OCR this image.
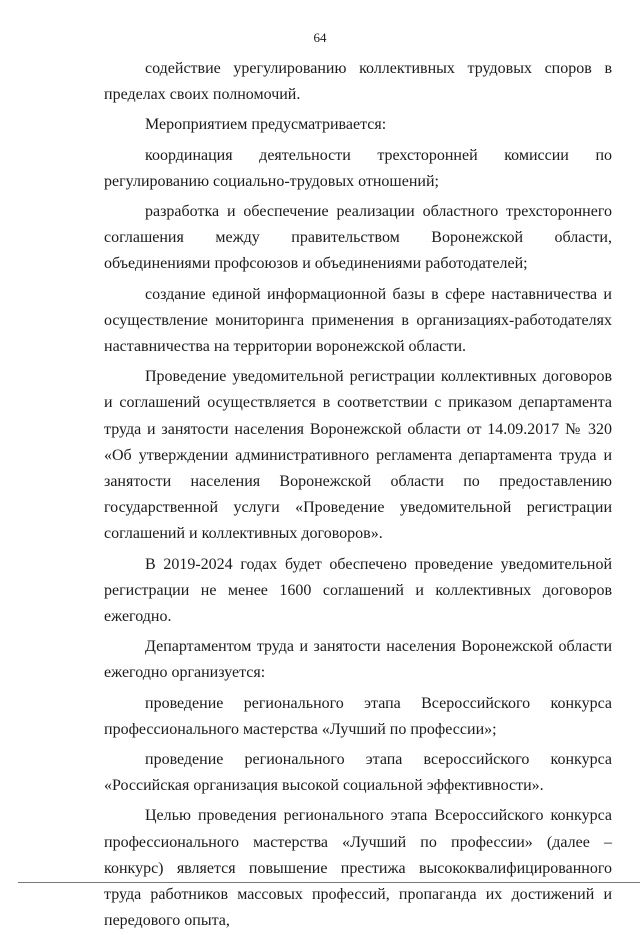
64

содействие урегулированию коллективных трудовых споров в пределах своих полномочий.

Мероприятием предусматривается:

координация деятельности трехсторонней комиссии по регулированию социально-трудовых отношений;

разработка и обеспечение реализации областного трехстороннего соглашения между правительством Воронежской области, объединениями профсоюзов и объединениями работодателей;

создание единой информационной базы в сфере наставничества и осуществление мониторинга применения в организациях-работодателях наставничества на территории воронежской области.

Проведение уведомительной регистрации коллективных договоров и соглашений осуществляется в соответствии с приказом департамента труда и занятости населения Воронежской области от 14.09.2017 № 320 «Об утверждении административного регламента департамента труда и занятости населения Воронежской области по предоставлению государственной услуги «Проведение уведомительной регистрации соглашений и коллективных договоров».

В 2019-2024 годах будет обеспечено проведение уведомительной регистрации не менее 1600 соглашений и коллективных договоров ежегодно.

Департаментом труда и занятости населения Воронежской области ежегодно организуется:

проведение регионального этапа Всероссийского конкурса профессионального мастерства «Лучший по профессии»;

проведение регионального этапа всероссийского конкурса «Российская организация высокой социальной эффективности».

Целью проведения регионального этапа Всероссийского конкурса профессионального мастерства «Лучший по профессии» (далее – конкурс) является повышение престижа высококвалифицированного труда работников массовых профессий, пропаганда их достижений и передового опыта,
